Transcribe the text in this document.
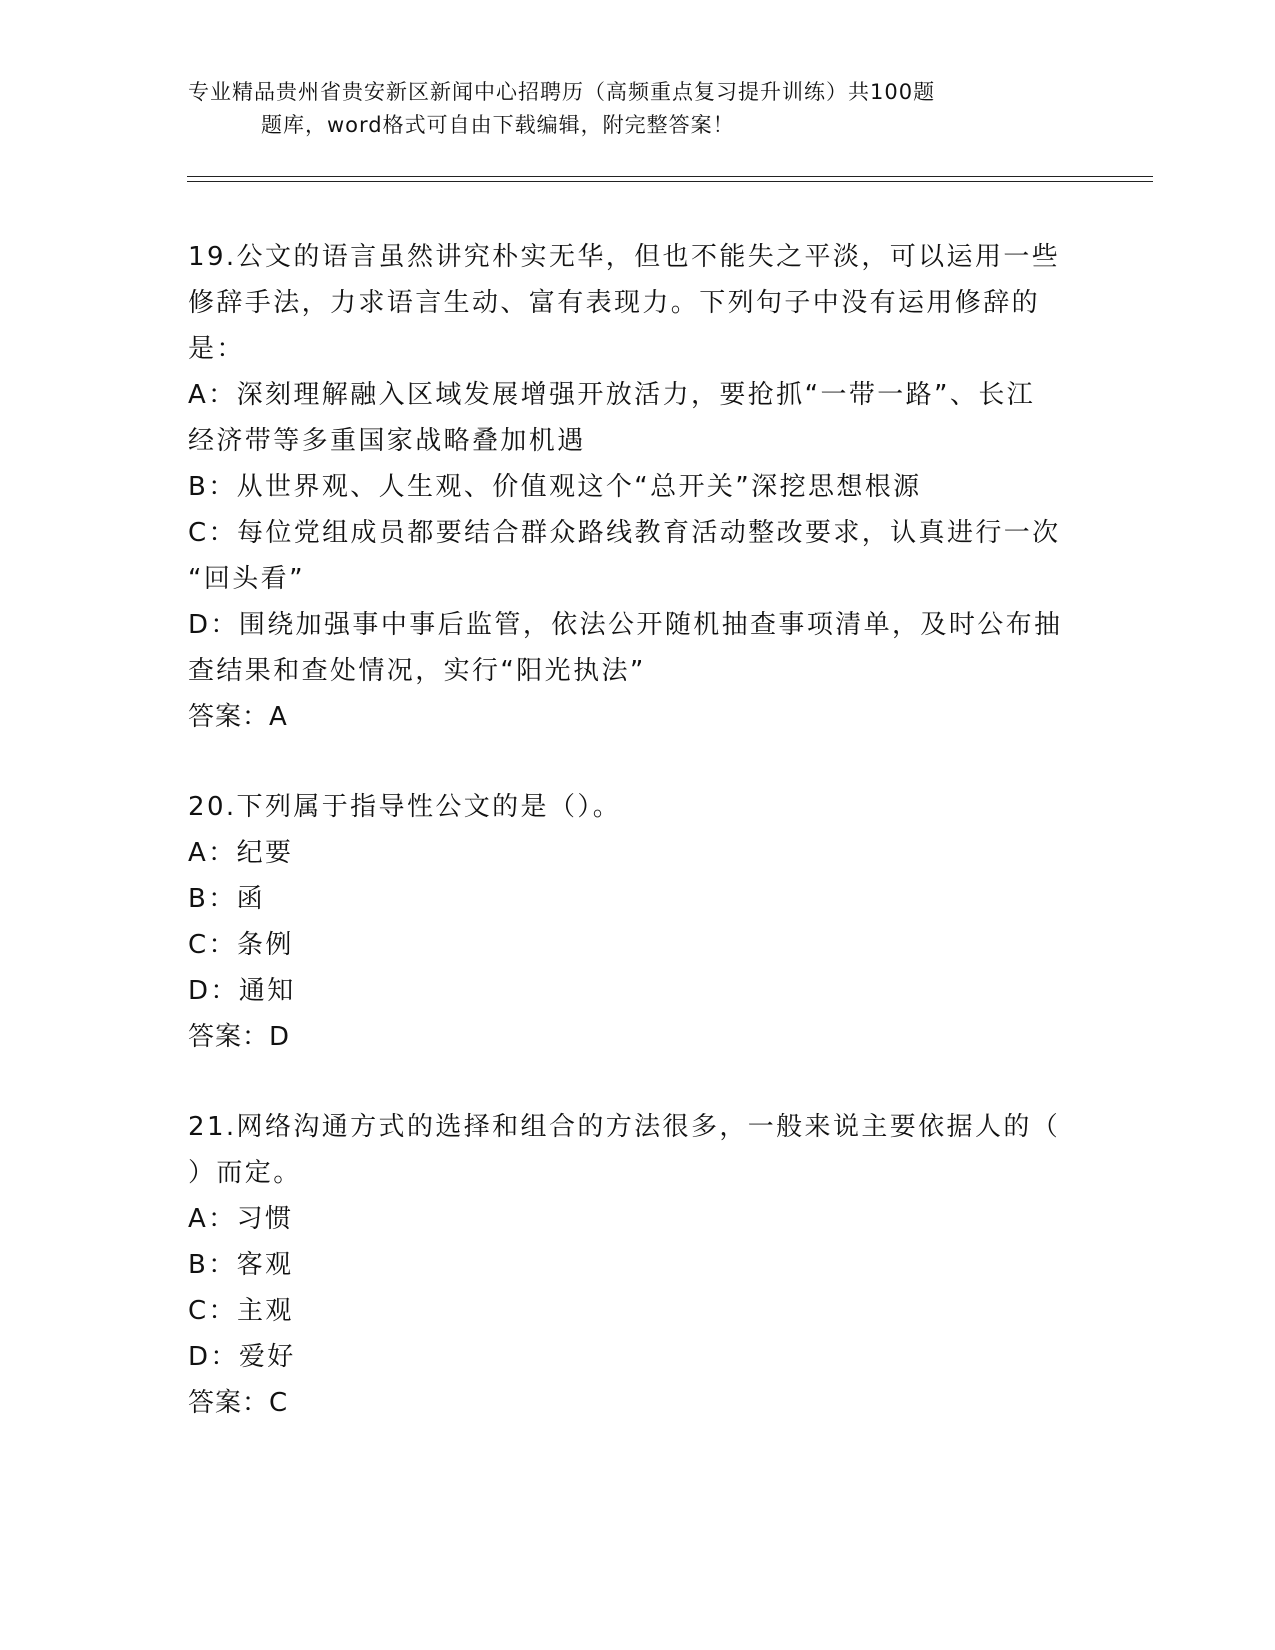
专业精品贵州省贵安新区新闻中心招聘历（高频重点复习提升训练）共100题
题库，word格式可自由下载编辑，附完整答案！
19.公文的语言虽然讲究朴实无华，但也不能失之平淡，可以运用一些
修辞手法，力求语言生动、富有表现力。下列句子中没有运用修辞的
是：
A：深刻理解融入区域发展增强开放活力，要抢抓“一带一路”、长江
经济带等多重国家战略叠加机遇
B：从世界观、人生观、价值观这个“总开关”深挖思想根源
C：每位党组成员都要结合群众路线教育活动整改要求，认真进行一次
“回头看”
D：围绕加强事中事后监管，依法公开随机抽查事项清单，及时公布抽
查结果和查处情况，实行“阳光执法”
答案：A
20.下列属于指导性公文的是（）。
A：纪要
B：函
C：条例
D：通知
答案：D
21.网络沟通方式的选择和组合的方法很多，一般来说主要依据人的（
）而定。
A：习惯
B：客观
C：主观
D：爱好
答案：C
